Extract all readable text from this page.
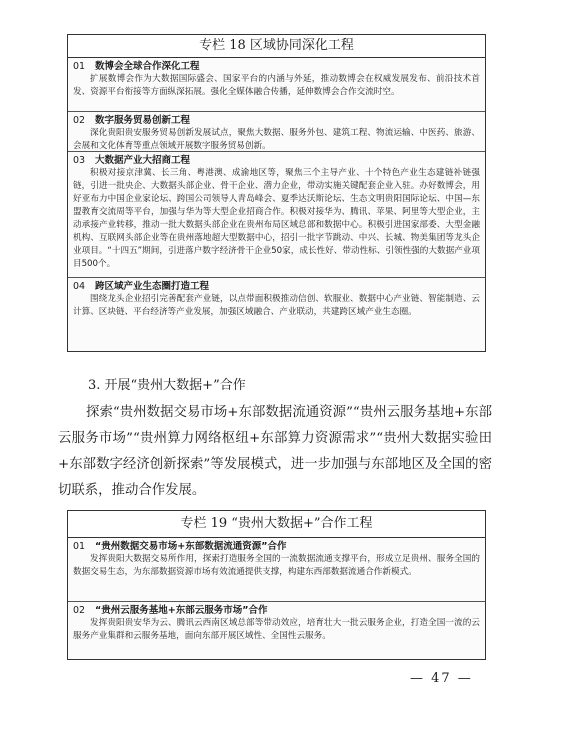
专栏 18 区域协同深化工程
01 数博会全球合作深化工程
扩展数博会作为大数据国际盛会、国家平台的内涵与外延，推动数博会在权威发展发布、前沿技术首发、资源平台衔接等方面纵深拓展。强化全媒体融合传播，延伸数博会合作交流时空。
02 数字服务贸易创新工程
深化贵阳贵安服务贸易创新发展试点，聚焦大数据、服务外包、建筑工程、物流运输、中医药、旅游、会展和文化体育等重点领域开展数字服务贸易创新。
03 大数据产业大招商工程
积极对接京津冀、长三角、粤港澳、成渝地区等，聚焦三个主导产业、十个特色产业生态建链补链强链，引进一批央企、大数据头部企业、骨干企业、潜力企业，带动实施关键配套企业入驻。办好数博会，用好亚布力中国企业家论坛、跨国公司领导人青岛峰会、夏季达沃斯论坛、生态文明贵阳国际论坛、中国—东盟教育交流周等平台，加强与华为等大型企业招商合作。积极对接华为、腾讯、苹果、阿里等大型企业，主动承接产业转移，推动一批大数据头部企业在贵州布局区域总部和数据中心。积极引进国家部委、大型金融机构、互联网头部企业等在贵州落地超大型数据中心，招引一批字节跳动、中兴、长城、物美集团等龙头企业项目。“十四五”期间，引进落户数字经济骨干企业50家，成长性好、带动性标、引领性强的大数据产业项目500个。
04 跨区域产业生态圈打造工程
围绕龙头企业招引完善配套产业链，以点带面积极推动信创、软服业、数据中心产业链、智能制造、云计算、区块链、平台经济等产业发展，加强区域融合、产业联动，共建跨区域产业生态圈。
3. 开展“贵州大数据+”合作
探索“贵州数据交易市场+东部数据流通资源”“贵州云服务基地+东部云服务市场”“贵州算力网络枢纽+东部算力资源需求”“贵州大数据实验田+东部数字经济创新探索”等发展模式，进一步加强与东部地区及全国的密切联系，推动合作发展。
专栏 19 “贵州大数据+”合作工程
01 “贵州数据交易市场+东部数据流通资源”合作
发挥贵阳大数据交易所作用，探索打造服务全国的一流数据流通支撑平台，形成立足贵州、服务全国的数据交易生态，为东部数据资源市场有效流通提供支撑，构建东西部数据流通合作新模式。
02 “贵州云服务基地+东部云服务市场”合作
发挥贵阳贵安华为云、腾讯云西南区域总部等带动效应，培育壮大一批云服务企业，打造全国一流的云服务产业集群和云服务基地，面向东部开展区域性、全国性云服务。
— 47 —
